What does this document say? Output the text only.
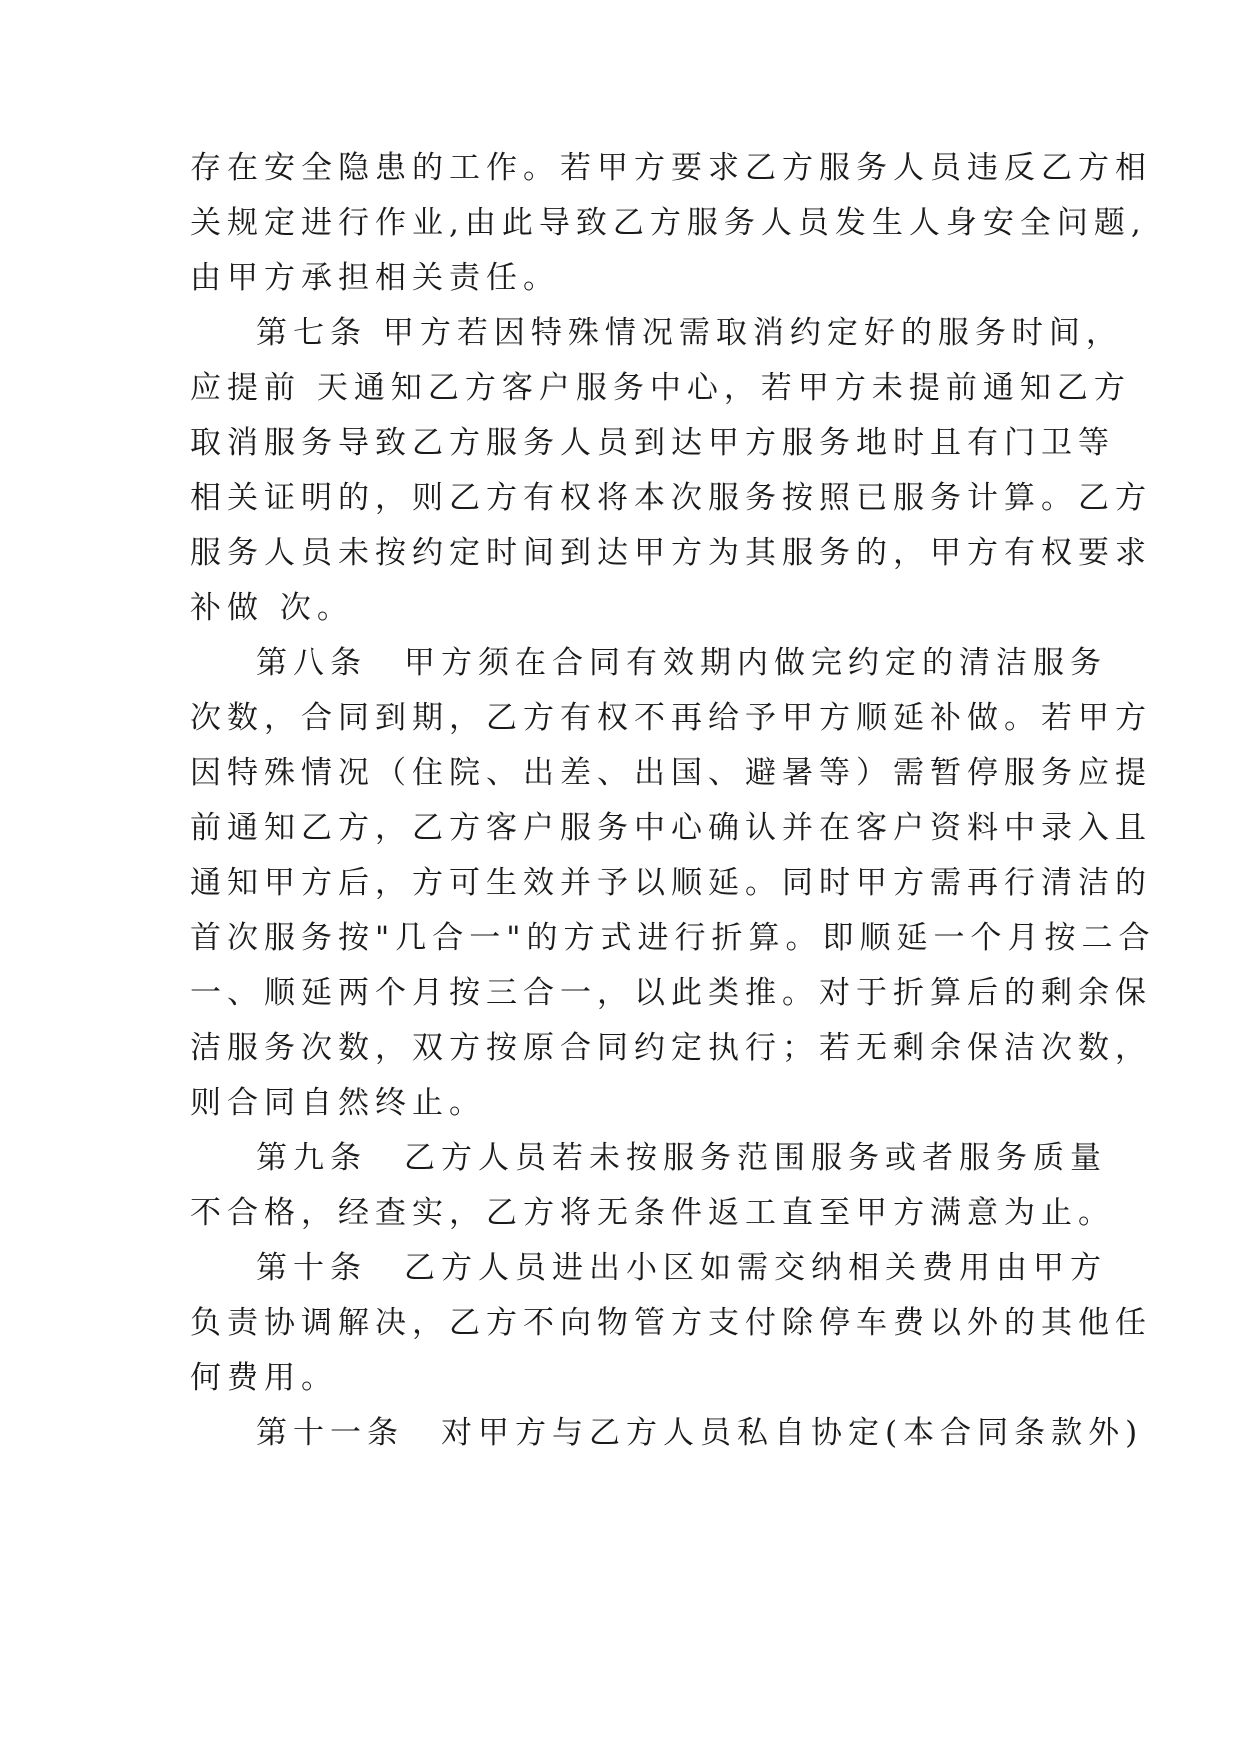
存在安全隐患的工作。若甲方要求乙方服务人员违反乙方相
关规定进行作业,由此导致乙方服务人员发生人身安全问题,
由甲方承担相关责任。
第七条 甲方若因特殊情况需取消约定好的服务时间，
应提前 天通知乙方客户服务中心，若甲方未提前通知乙方
取消服务导致乙方服务人员到达甲方服务地时且有门卫等
相关证明的，则乙方有权将本次服务按照已服务计算。乙方
服务人员未按约定时间到达甲方为其服务的，甲方有权要求
补做 次。
第八条　甲方须在合同有效期内做完约定的清洁服务
次数，合同到期，乙方有权不再给予甲方顺延补做。若甲方
因特殊情况（住院、出差、出国、避暑等）需暂停服务应提
前通知乙方，乙方客户服务中心确认并在客户资料中录入且
通知甲方后，方可生效并予以顺延。同时甲方需再行清洁的
首次服务按"几合一"的方式进行折算。即顺延一个月按二合
一、顺延两个月按三合一，以此类推。对于折算后的剩余保
洁服务次数，双方按原合同约定执行；若无剩余保洁次数，
则合同自然终止。
第九条　乙方人员若未按服务范围服务或者服务质量
不合格，经查实，乙方将无条件返工直至甲方满意为止。
第十条　乙方人员进出小区如需交纳相关费用由甲方
负责协调解决，乙方不向物管方支付除停车费以外的其他任
何费用。
第十一条　对甲方与乙方人员私自协定(本合同条款外)
